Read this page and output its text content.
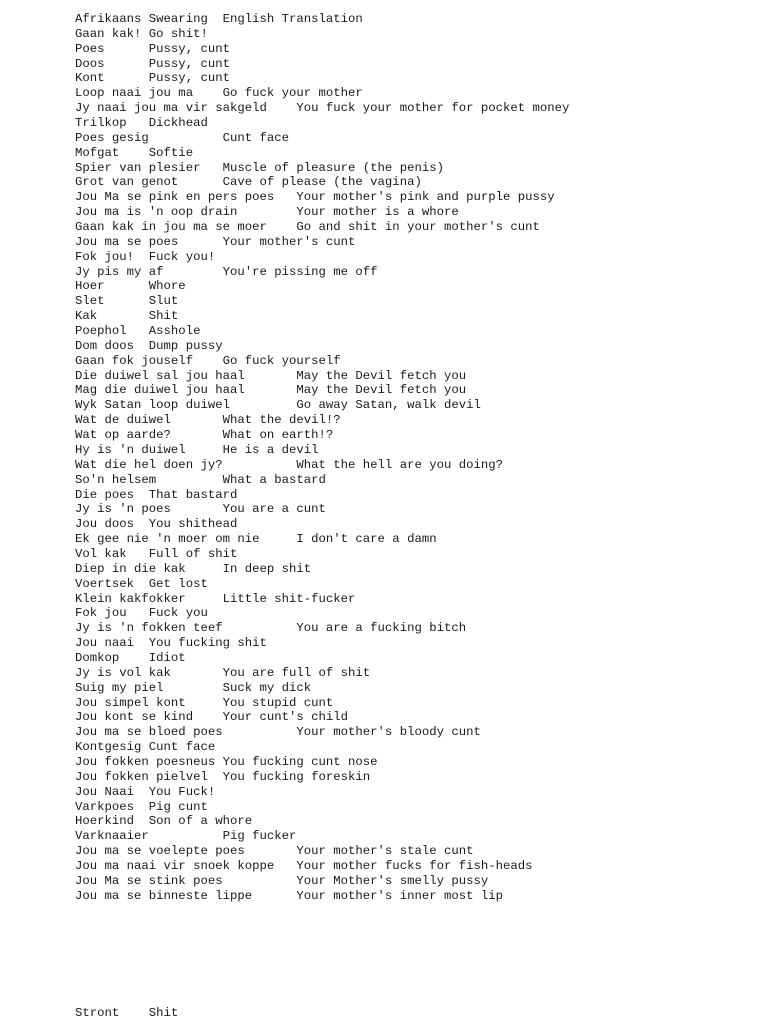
Afrikaans Swearing  English Translation
Gaan kak! Go shit!
Poes      Pussy, cunt
Doos      Pussy, cunt
Kont      Pussy, cunt
Loop naai jou ma    Go fuck your mother
Jy naai jou ma vir sakgeld    You fuck your mother for pocket money
Trilkop   Dickhead
Poes gesig          Cunt face
Mofgat    Softie
Spier van plesier   Muscle of pleasure (the penis)
Grot van genot      Cave of please (the vagina)
Jou Ma se pink en pers poes   Your mother's pink and purple pussy
Jou ma is 'n oop drain        Your mother is a whore
Gaan kak in jou ma se moer    Go and shit in your mother's cunt
Jou ma se poes      Your mother's cunt
Fok jou!  Fuck you!
Jy pis my af        You're pissing me off
Hoer      Whore
Slet      Slut
Kak       Shit
Poephol   Asshole
Dom doos  Dump pussy
Gaan fok jouself    Go fuck yourself
Die duiwel sal jou haal       May the Devil fetch you
Mag die duiwel jou haal       May the Devil fetch you
Wyk Satan loop duiwel         Go away Satan, walk devil
Wat de duiwel       What the devil!?
Wat op aarde?       What on earth!?
Hy is 'n duiwel     He is a devil
Wat die hel doen jy?          What the hell are you doing?
So'n helsem         What a bastard
Die poes  That bastard
Jy is 'n poes       You are a cunt
Jou doos  You shithead
Ek gee nie 'n moer om nie     I don't care a damn
Vol kak   Full of shit
Diep in die kak     In deep shit
Voertsek  Get lost
Klein kakfokker     Little shit-fucker
Fok jou   Fuck you
Jy is 'n fokken teef          You are a fucking bitch
Jou naai  You fucking shit
Domkop    Idiot
Jy is vol kak       You are full of shit
Suig my piel        Suck my dick
Jou simpel kont     You stupid cunt
Jou kont se kind    Your cunt's child
Jou ma se bloed poes          Your mother's bloody cunt
Kontgesig Cunt face
Jou fokken poesneus You fucking cunt nose
Jou fokken pielvel  You fucking foreskin
Jou Naai  You Fuck!
Varkpoes  Pig cunt
Hoerkind  Son of a whore
Varknaaier          Pig fucker
Jou ma se voelepte poes       Your mother's stale cunt
Jou ma naai vir snoek koppe   Your mother fucks for fish-heads
Jou Ma se stink poes          Your Mother's smelly pussy
Jou ma se binneste lippe      Your mother's inner most lip
Stront    Shit
